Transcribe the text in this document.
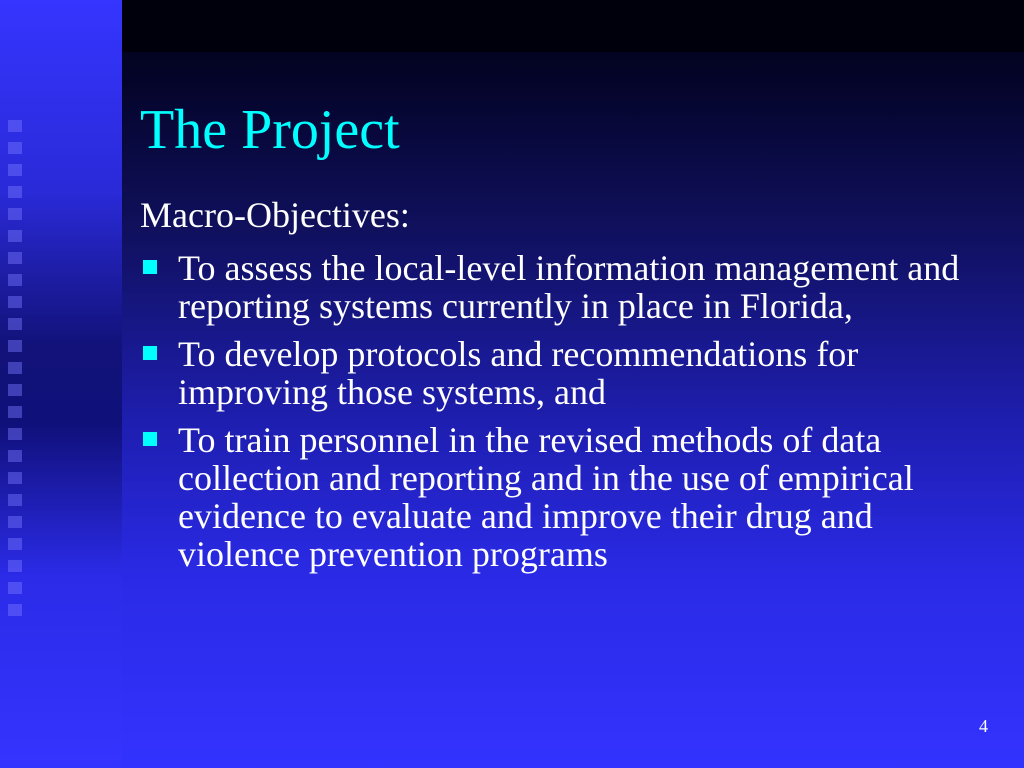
The Project

Macro-Objectives:

To assess the local-level information management and reporting systems currently in place in Florida,
To develop protocols and recommendations for improving those systems, and
To train personnel in the revised methods of data collection and reporting and in the use of empirical evidence to evaluate and improve their drug and violence prevention programs
4
